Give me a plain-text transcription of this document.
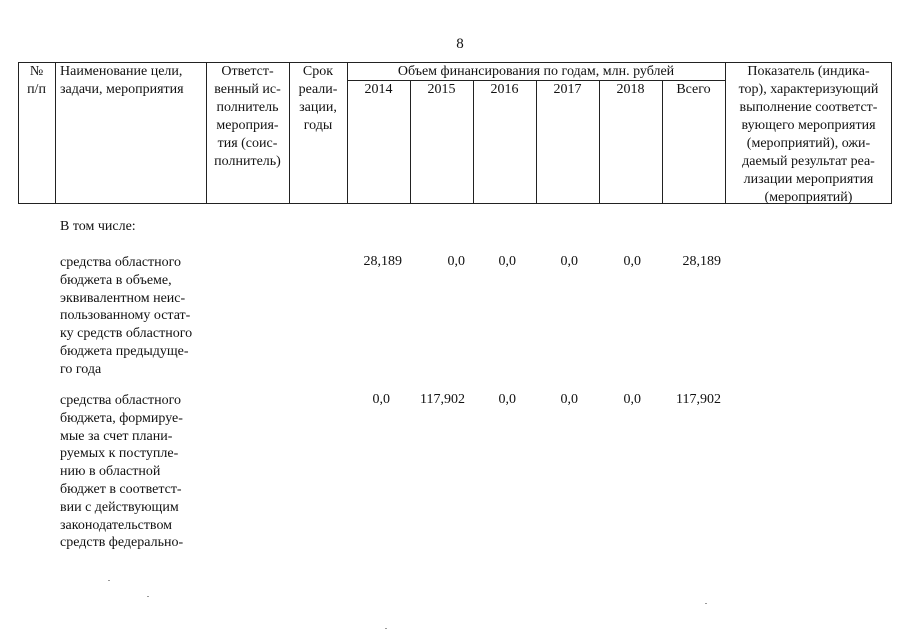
8
№
п/п
Наименование цели,
задачи, мероприятия
Ответст-
венный ис-
полнитель
мероприя-
тия (соис-
полнитель)
Срок
реали-
зации,
годы
Объем финансирования по годам, млн. рублей
2014	2015	2016	2017	2018	Всего
Показатель (индика-
тор), характеризующий
выполнение соответст-
вующего мероприятия
(мероприятий), ожи-
даемый результат реа-
лизации мероприятия
(мероприятий)
В том числе:
средства областного
бюджета в объеме,
эквивалентном неис-
пользованному остат-
ку средств областного
бюджета предыдуще-
го года
28,189	0,0	0,0	0,0	0,0	28,189
средства областного
бюджета, формируе-
мые за счет плани-
руемых к поступле-
нию в областной
бюджет в соответст-
вии с действующим
законодательством
средств федерально-
0,0	117,902	0,0	0,0	0,0	117,902
